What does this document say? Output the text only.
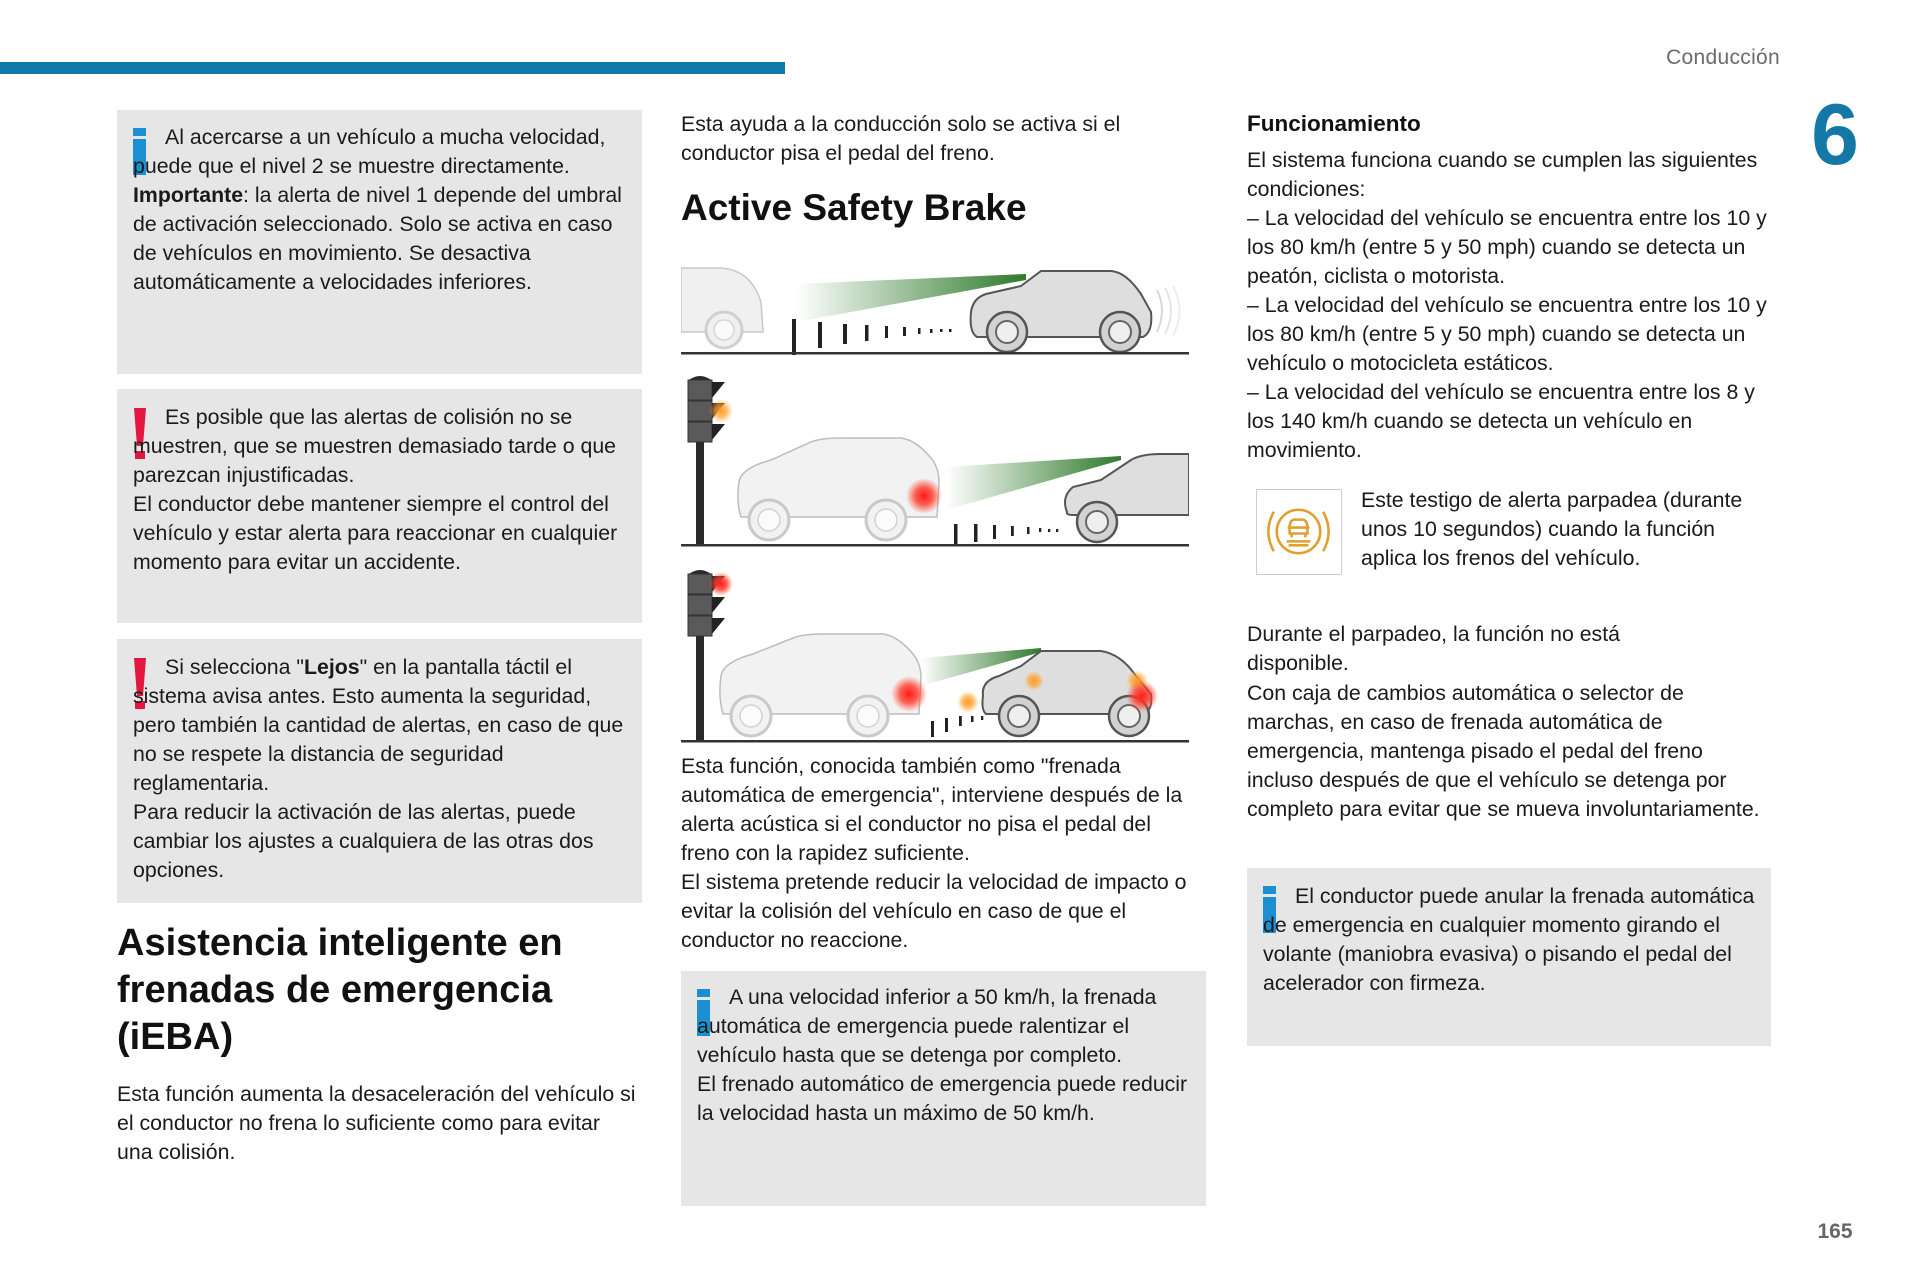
Conducción
6

Al acercarse a un vehículo a mucha velocidad, puede que el nivel 2 se muestre directamente.

Importante: la alerta de nivel 1 depende del umbral de activación seleccionado. Solo se activa en caso de vehículos en movimiento. Se desactiva automáticamente a velocidades inferiores.

Es posible que las alertas de colisión no se muestren, que se muestren demasiado tarde o que parezcan injustificadas.

El conductor debe mantener siempre el control del vehículo y estar alerta para reaccionar en cualquier momento para evitar un accidente.

Si selecciona "Lejos" en la pantalla táctil el sistema avisa antes. Esto aumenta la seguridad, pero también la cantidad de alertas, en caso de que no se respete la distancia de seguridad reglamentaria.

Para reducir la activación de las alertas, puede cambiar los ajustes a cualquiera de las otras dos opciones.

Asistencia inteligente en frenadas de emergencia (iEBA)
Esta función aumenta la desaceleración del vehículo si el conductor no frena lo suficiente como para evitar una colisión.
Esta ayuda a la conducción solo se activa si el conductor pisa el pedal del freno.
Active Safety Brake
Esta función, conocida también como "frenada automática de emergencia", interviene después de la alerta acústica si el conductor no pisa el pedal del freno con la rapidez suficiente.
El sistema pretende reducir la velocidad de impacto o evitar la colisión del vehículo en caso de que el conductor no reaccione.

A una velocidad inferior a 50 km/h, la frenada automática de emergencia puede ralentizar el vehículo hasta que se detenga por completo.

El frenado automático de emergencia puede reducir la velocidad hasta un máximo de 50 km/h.

Funcionamiento
El sistema funciona cuando se cumplen las siguientes condiciones:
– La velocidad del vehículo se encuentra entre los 10 y los 80 km/h (entre 5 y 50 mph) cuando se detecta un peatón, ciclista o motorista.
– La velocidad del vehículo se encuentra entre los 10 y los 80 km/h (entre 5 y 50 mph) cuando se detecta un vehículo o motocicleta estáticos.
– La velocidad del vehículo se encuentra entre los 8 y los 140 km/h cuando se detecta un vehículo en movimiento.
Este testigo de alerta parpadea (durante unos 10 segundos) cuando la función aplica los frenos del vehículo.
Durante el parpadeo, la función no está disponible.
Con caja de cambios automática o selector de marchas, en caso de frenada automática de emergencia, mantenga pisado el pedal del freno incluso después de que el vehículo se detenga por completo para evitar que se mueva involuntariamente.

El conductor puede anular la frenada automática de emergencia en cualquier momento girando el volante (maniobra evasiva) o pisando el pedal del acelerador con firmeza.

165
